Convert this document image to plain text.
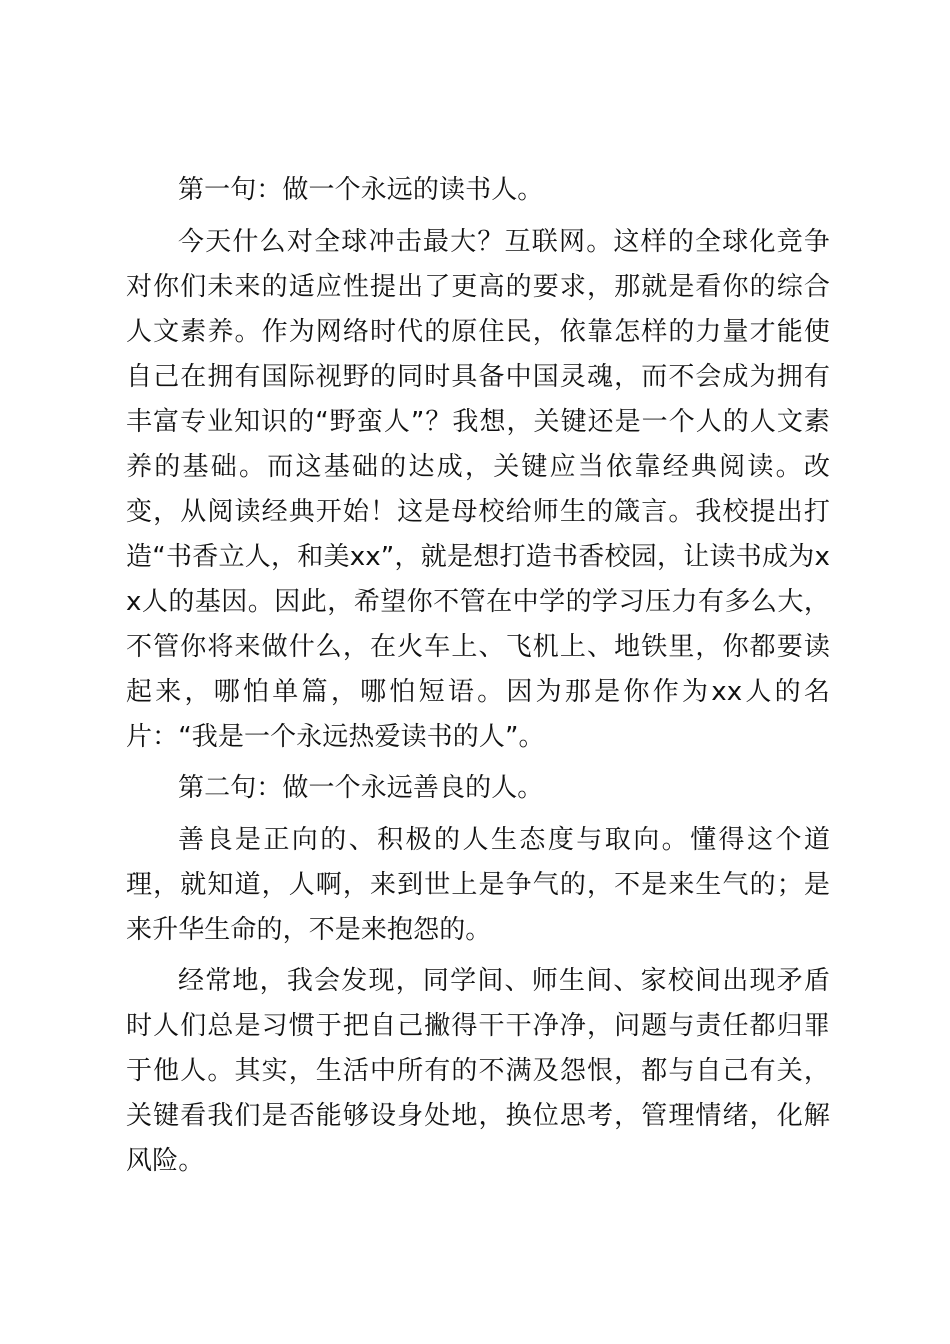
第一句：做一个永远的读书人。

今天什么对全球冲击最大？互联网。这样的全球化竞争对你们未来的适应性提出了更高的要求，那就是看你的综合人文素养。作为网络时代的原住民，依靠怎样的力量才能使自己在拥有国际视野的同时具备中国灵魂，而不会成为拥有丰富专业知识的“野蛮人”？我想，关键还是一个人的人文素养的基础。而这基础的达成，关键应当依靠经典阅读。改变，从阅读经典开始！这是母校给师生的箴言。我校提出打造“书香立人，和美xx”，就是想打造书香校园，让读书成为xx人的基因。因此，希望你不管在中学的学习压力有多么大，不管你将来做什么，在火车上、飞机上、地铁里，你都要读起来，哪怕单篇，哪怕短语。因为那是你作为xx人的名片：“我是一个永远热爱读书的人”。

第二句：做一个永远善良的人。

善良是正向的、积极的人生态度与取向。懂得这个道理，就知道，人啊，来到世上是争气的，不是来生气的；是来升华生命的，不是来抱怨的。

经常地，我会发现，同学间、师生间、家校间出现矛盾时人们总是习惯于把自己撇得干干净净，问题与责任都归罪于他人。其实，生活中所有的不满及怨恨，都与自己有关，关键看我们是否能够设身处地，换位思考，管理情绪，化解风险。
